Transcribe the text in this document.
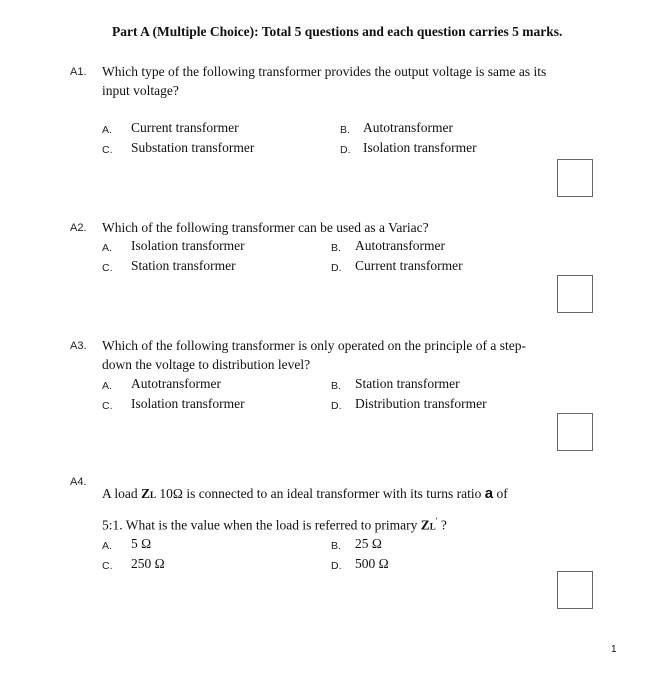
Part A (Multiple Choice): Total 5 questions and each question carries 5 marks.
A1. Which type of the following transformer provides the output voltage is same as its
input voltage?
A. Current transformer	B. Autotransformer
C. Substation transformer	D. Isolation transformer
A2. Which of the following transformer can be used as a Variac?
A. Isolation transformer	B. Autotransformer
C. Station transformer	D. Current transformer
A3. Which of the following transformer is only operated on the principle of a step-
down the voltage to distribution level?
A. Autotransformer	B. Station transformer
C. Isolation transformer	D. Distribution transformer
A4.
A load ZL 10Ω is connected to an ideal transformer with its turns ratio a of
5:1. What is the value when the load is referred to primary ZL' ?
A. 5 Ω	B. 25 Ω
C. 250 Ω	D. 500 Ω
1
